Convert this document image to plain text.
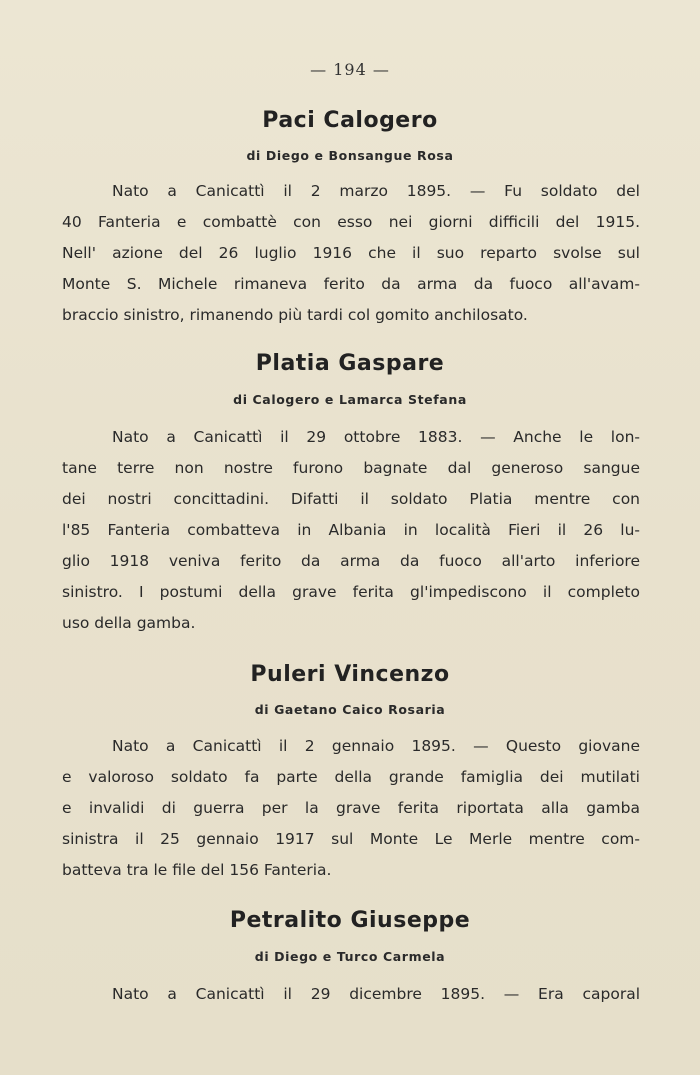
— 194 —
Paci Calogero
di Diego e Bonsangue Rosa
Nato a Canicattì il 2 marzo 1895. — Fu soldato del
40 Fanteria e combattè con esso nei giorni difficili del 1915.
Nell' azione del 26 luglio 1916 che il suo reparto svolse sul
Monte S. Michele rimaneva ferito da arma da fuoco all'avam-
braccio sinistro, rimanendo più tardi col gomito anchilosato.
Platia Gaspare
di Calogero e Lamarca Stefana
Nato a Canicattì il 29 ottobre 1883. — Anche le lon-
tane terre non nostre furono bagnate dal generoso sangue
dei nostri concittadini. Difatti il soldato Platia mentre con
l'85 Fanteria combatteva in Albania in località Fieri il 26 lu-
glio 1918 veniva ferito da arma da fuoco all'arto inferiore
sinistro. I postumi della grave ferita gl'impediscono il completo
uso della gamba.
Puleri Vincenzo
di Gaetano Caico Rosaria
Nato a Canicattì il 2 gennaio 1895. — Questo giovane
e valoroso soldato fa parte della grande famiglia dei mutilati
e invalidi di guerra per la grave ferita riportata alla gamba
sinistra il 25 gennaio 1917 sul Monte Le Merle mentre com-
batteva tra le file del 156 Fanteria.
Petralito Giuseppe
di Diego e Turco Carmela
Nato a Canicattì il 29 dicembre 1895. — Era caporal
